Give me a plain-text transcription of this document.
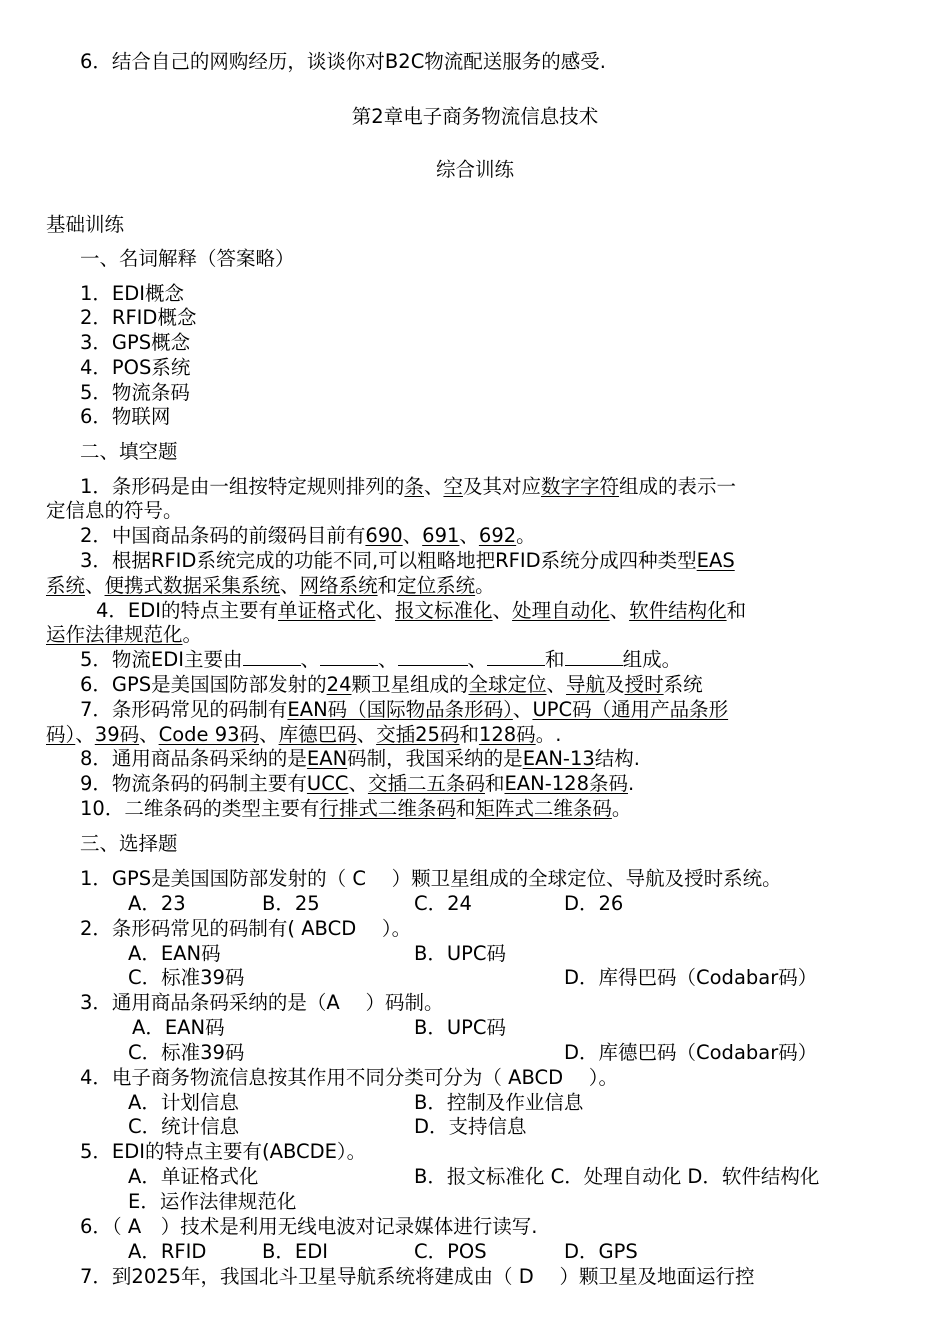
6．结合自己的网购经历，谈谈你对B2C物流配送服务的感受.
第2章电子商务物流信息技术
综合训练
基础训练
一、名词解释（答案略）
1．EDI概念
2．RFID概念
3．GPS概念
4．POS系统
5．物流条码
6．物联网
二、填空题
1．条形码是由一组按特定规则排列的条、空及其对应数字字符组成的表示一
定信息的符号。
2．中国商品条码的前缀码目前有690、691、692。
3．根据RFID系统完成的功能不同,可以粗略地把RFID系统分成四种类型EAS
系统、便携式数据采集系统、网络系统和定位系统。
4．EDI的特点主要有单证格式化、报文标准化、处理自动化、软件结构化和
运作法律规范化。
5．物流EDI主要由	、	、	、	和	组成。
6．GPS是美国国防部发射的24颗卫星组成的全球定位、导航及授时系统
7．条形码常见的码制有EAN码（国际物品条形码）、UPC码（通用产品条形
码）、39码、Code 93码、库德巴码、交插25码和128码。.
8．通用商品条码采纳的是EAN码制，我国采纳的是EAN-13结构.
9．物流条码的码制主要有UCC、交插二五条码和EAN-128条码.
10．二维条码的类型主要有行排式二维条码和矩阵式二维条码。
三、选择题
1．GPS是美国国防部发射的（ C　 ）颗卫星组成的全球定位、导航及授时系统。
A．23	B．25	C．24	D．26
2．条形码常见的码制有( ABCD　 ）。
A．EAN码	B．UPC码
C．标准39码	D．库得巴码（Codabar码）
3．通用商品条码采纳的是（A　 ）码制。
A．EAN码	B．UPC码
C．标准39码	D．库德巴码（Codabar码）
4．电子商务物流信息按其作用不同分类可分为（ ABCD　 ）。
A．计划信息	B．控制及作业信息
C．统计信息	D．支持信息
5．EDI的特点主要有(ABCDE）。
A．单证格式化	B．报文标准化 C．处理自动化 D．软件结构化
E．运作法律规范化
6．（ A　）技术是利用无线电波对记录媒体进行读写.
A．RFID	B．EDI	C．POS	D．GPS
7．到2025年，我国北斗卫星导航系统将建成由（ D　 ）颗卫星及地面运行控
